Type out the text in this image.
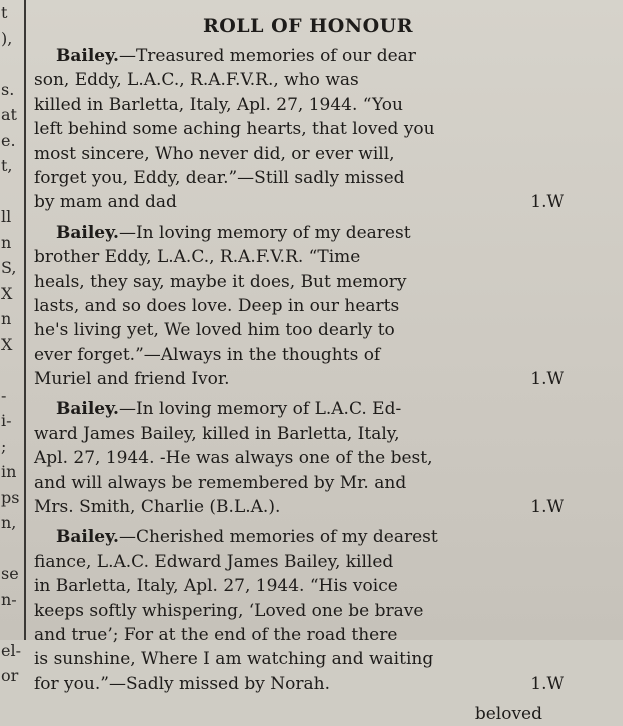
t
),
s.
at
e.
t,
ll
n
S,
X
n
X
-
i-
;
in
ps
n,
se
n-
el-
or
ROLL OF HONOUR
Bailey.—Treasured memories of our dear
son, Eddy, L.A.C., R.A.F.V.R., who was
killed in Barletta, Italy, Apl. 27, 1944. “You
left behind some aching hearts, that loved you
most sincere, Who never did, or ever will,
forget you, Eddy, dear.”—Still sadly missed
by mam and dad	1.W
Bailey.—In loving memory of my dearest
brother Eddy, L.A.C., R.A.F.V.R. “Time
heals, they say, maybe it does, But memory
lasts, and so does love. Deep in our hearts
he's living yet, We loved him too dearly to
ever forget.”—Always in the thoughts of
Muriel and friend Ivor.	1.W
Bailey.—In loving memory of L.A.C. Ed-
ward James Bailey, killed in Barletta, Italy,
Apl. 27, 1944. -He was always one of the best,
and will always be remembered by Mr. and
Mrs. Smith, Charlie (B.L.A.).	1.W
Bailey.—Cherished memories of my dearest
fiance, L.A.C. Edward James Bailey, killed
in Barletta, Italy, Apl. 27, 1944. “His voice
keeps softly whispering, ‘Loved one be brave
and true’; For at the end of the road there
is sunshine, Where I am watching and waiting
for you.”—Sadly missed by Norah.	1.W
beloved
